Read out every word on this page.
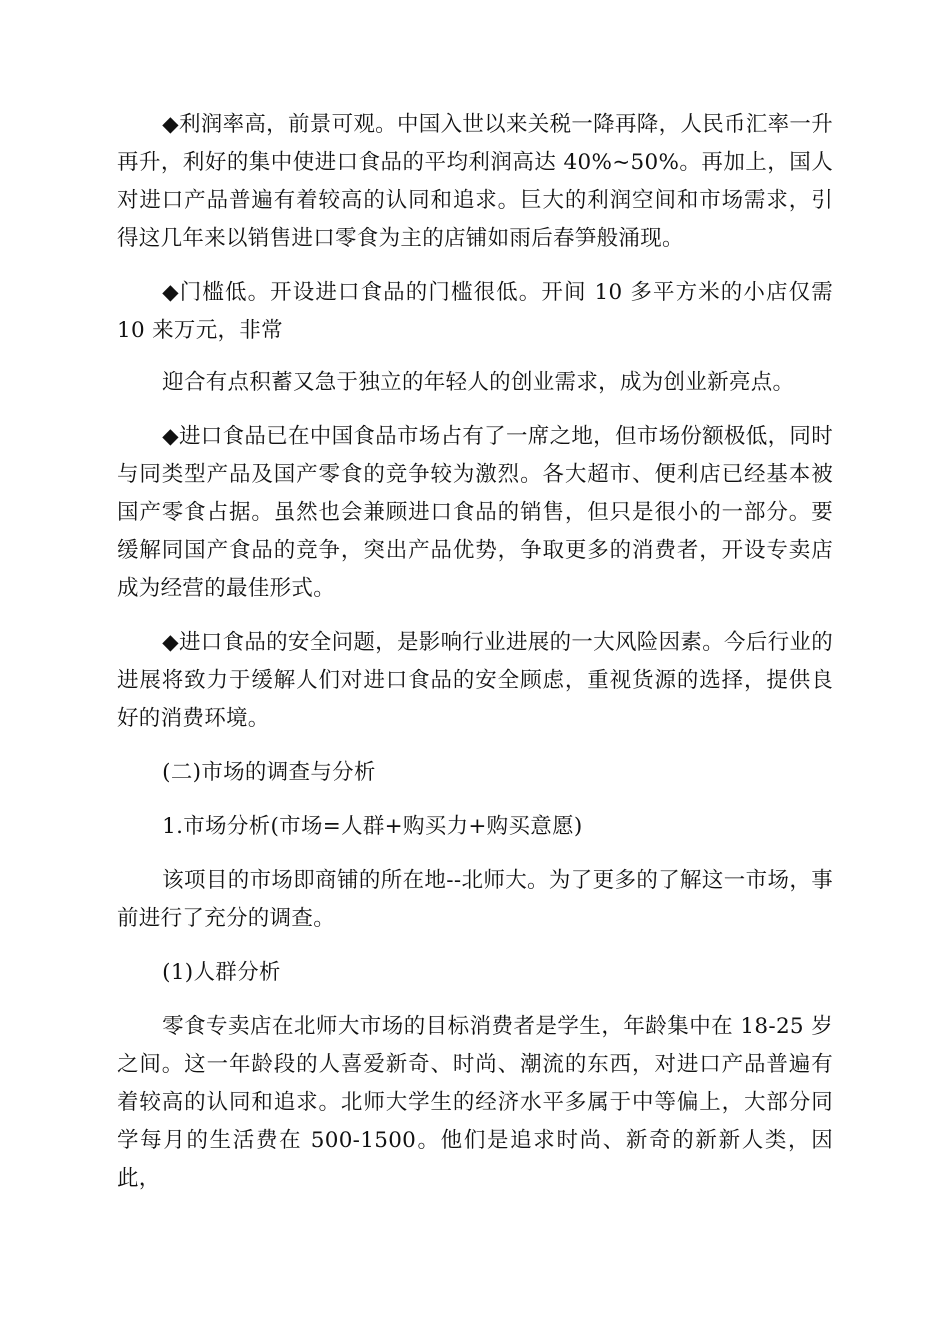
◆利润率高，前景可观。中国入世以来关税一降再降，人民币汇率一升再升，利好的集中使进口食品的平均利润高达 40%~50%。再加上，国人对进口产品普遍有着较高的认同和追求。巨大的利润空间和市场需求，引得这几年来以销售进口零食为主的店铺如雨后春笋般涌现。

◆门槛低。开设进口食品的门槛很低。开间 10 多平方米的小店仅需10 来万元，非常

迎合有点积蓄又急于独立的年轻人的创业需求，成为创业新亮点。

◆进口食品已在中国食品市场占有了一席之地，但市场份额极低，同时与同类型产品及国产零食的竞争较为激烈。各大超市、便利店已经基本被国产零食占据。虽然也会兼顾进口食品的销售，但只是很小的一部分。要缓解同国产食品的竞争，突出产品优势，争取更多的消费者，开设专卖店成为经营的最佳形式。

◆进口食品的安全问题，是影响行业进展的一大风险因素。今后行业的进展将致力于缓解人们对进口食品的安全顾虑，重视货源的选择，提供良好的消费环境。

(二)市场的调查与分析

1.市场分析(市场=人群+购买力+购买意愿)

该项目的市场即商铺的所在地--北师大。为了更多的了解这一市场，事前进行了充分的调查。

(1)人群分析

零食专卖店在北师大市场的目标消费者是学生，年龄集中在 18-25 岁之间。这一年龄段的人喜爱新奇、时尚、潮流的东西，对进口产品普遍有着较高的认同和追求。北师大学生的经济水平多属于中等偏上，大部分同学每月的生活费在 500-1500。他们是追求时尚、新奇的新新人类，因此，
